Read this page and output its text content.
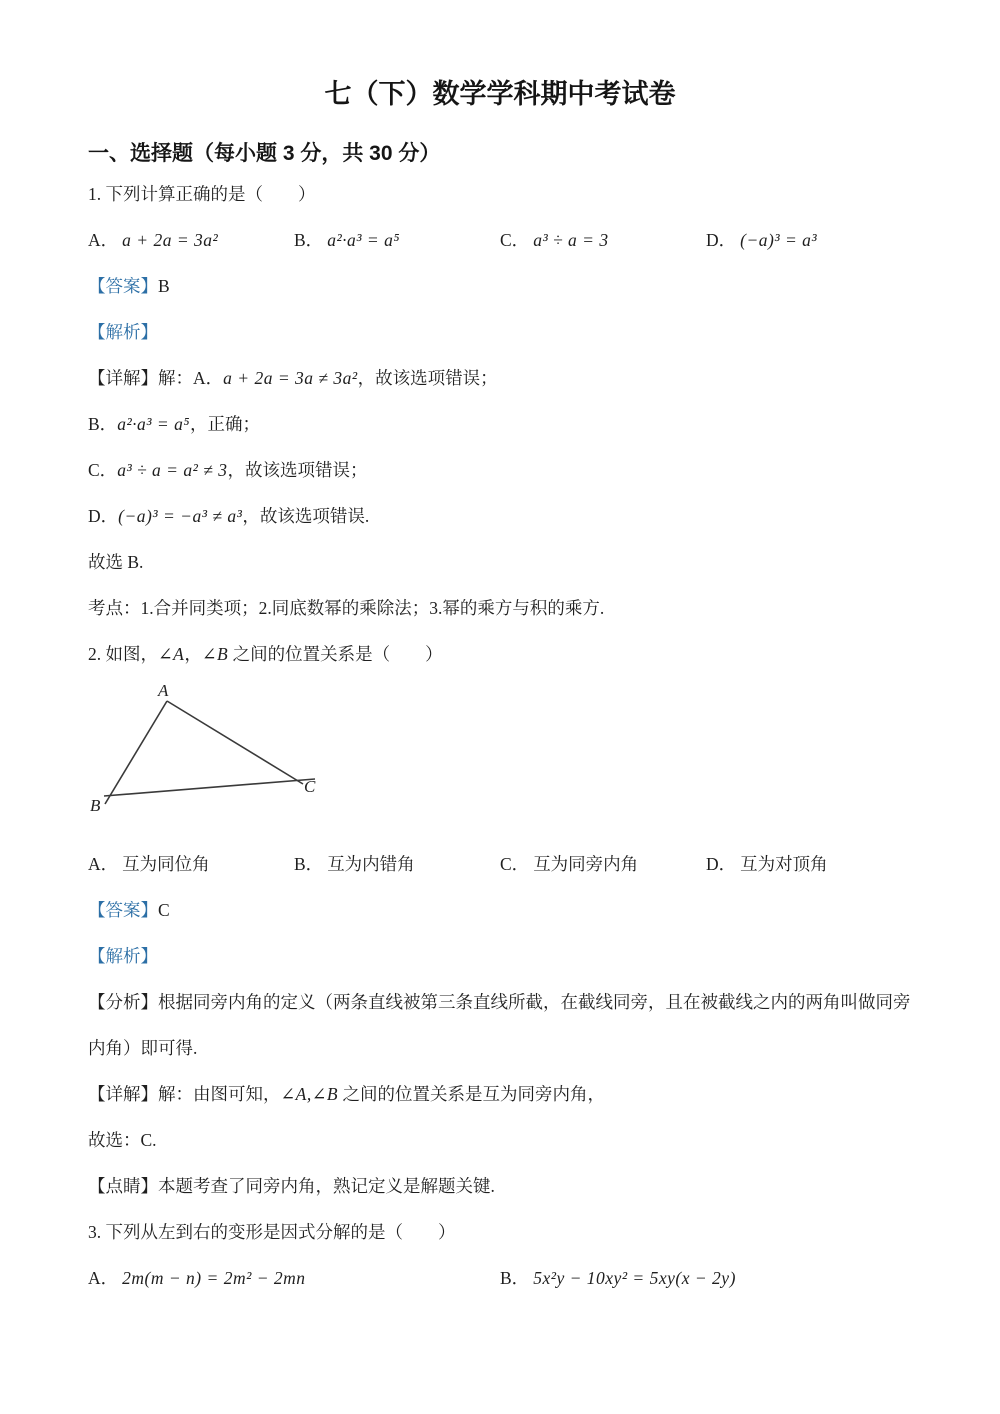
七（下）数学学科期中考试卷
一、选择题（每小题 3 分，共 30 分）

1. 下列计算正确的是（　　）

A． a + 2a = 3a²	B． a²·a³ = a⁵	C． a³ ÷ a = 3	D． (−a)³ = a³

【答案】B

【解析】

【详解】解：A．a + 2a = 3a ≠ 3a²，故该选项错误；

B．a²·a³ = a⁵，正确；

C．a³ ÷ a = a² ≠ 3，故该选项错误；

D．(−a)³ = −a³ ≠ a³，故该选项错误.

故选 B.

考点：1.合并同类项；2.同底数幂的乘除法；3.幂的乘方与积的乘方.

2. 如图，∠A，∠B 之间的位置关系是（　　）

A
B
C
A． 互为同位角	B． 互为内错角	C． 互为同旁内角	D． 互为对顶角

【答案】C

【解析】

【分析】根据同旁内角的定义（两条直线被第三条直线所截，在截线同旁，且在被截线之内的两角叫做同旁内角）即可得.

【详解】解：由图可知，∠A,∠B 之间的位置关系是互为同旁内角，

故选：C.

【点睛】本题考查了同旁内角，熟记定义是解题关键.

3. 下列从左到右的变形是因式分解的是（　　）

A． 2m(m − n) = 2m² − 2mn	B． 5x²y − 10xy² = 5xy(x − 2y)
